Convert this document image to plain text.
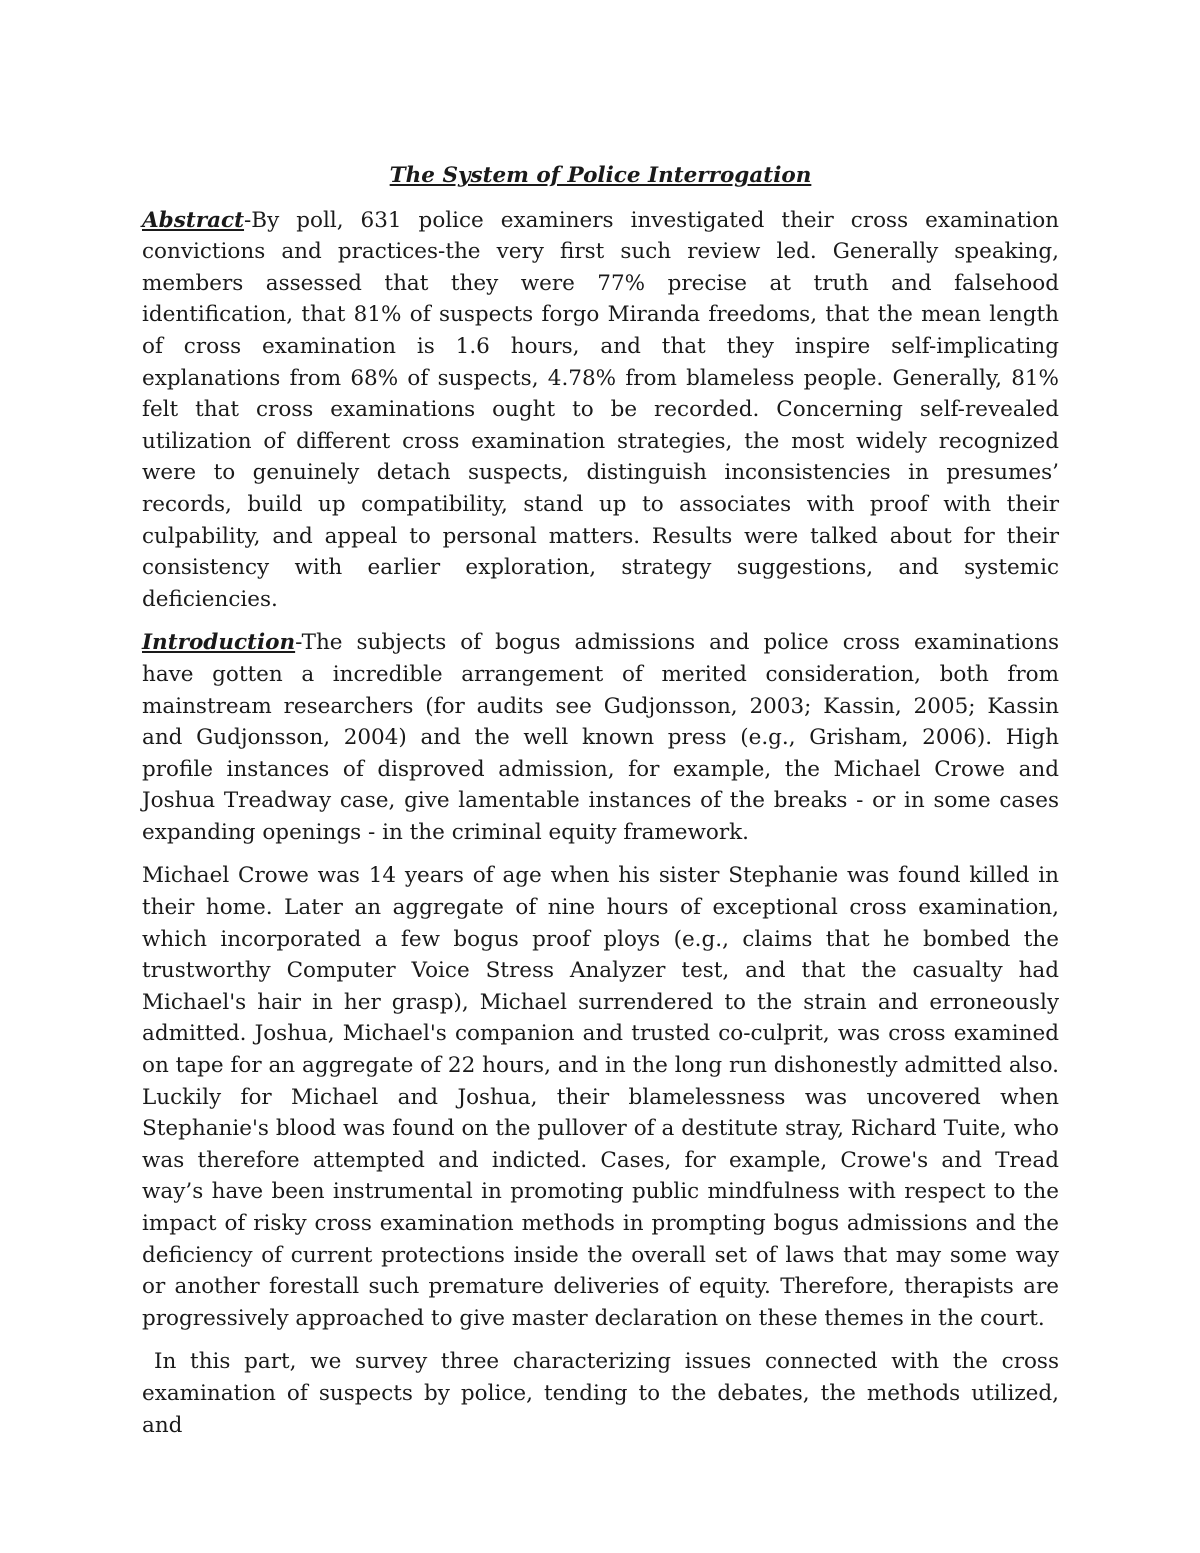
The System of Police Interrogation

Abstract-By poll, 631 police examiners investigated their cross examination convictions and practices-the very first such review led. Generally speaking, members assessed that they were 77% precise at truth and falsehood identification, that 81% of suspects forgo Miranda freedoms, that the mean length of cross examination is 1.6 hours, and that they inspire self-implicating explanations from 68% of suspects, 4.78% from blameless people. Generally, 81% felt that cross examinations ought to be recorded. Concerning self-revealed utilization of different cross examination strategies, the most widely recognized were to genuinely detach suspects, distinguish inconsistencies in presumes’ records, build up compatibility, stand up to associates with proof with their culpability, and appeal to personal matters. Results were talked about for their consistency with earlier exploration, strategy suggestions, and systemic deficiencies.

Introduction-The subjects of bogus admissions and police cross examinations have gotten a incredible arrangement of merited consideration, both from mainstream researchers (for audits see Gudjonsson, 2003; Kassin, 2005; Kassin and Gudjonsson, 2004) and the well known press (e.g., Grisham, 2006). High profile instances of disproved admission, for example, the Michael Crowe and Joshua Treadway case, give lamentable instances of the breaks - or in some cases expanding openings - in the criminal equity framework.

Michael Crowe was 14 years of age when his sister Stephanie was found killed in their home. Later an aggregate of nine hours of exceptional cross examination, which incorporated a few bogus proof ploys (e.g., claims that he bombed the trustworthy Computer Voice Stress Analyzer test, and that the casualty had Michael's hair in her grasp), Michael surrendered to the strain and erroneously admitted. Joshua, Michael's companion and trusted co-culprit, was cross examined on tape for an aggregate of 22 hours, and in the long run dishonestly admitted also. Luckily for Michael and Joshua, their blamelessness was uncovered when Stephanie's blood was found on the pullover of a destitute stray, Richard Tuite, who was therefore attempted and indicted. Cases, for example, Crowe's and Tread way’s have been instrumental in promoting public mindfulness with respect to the impact of risky cross examination methods in prompting bogus admissions and the deficiency of current protections inside the overall set of laws that may some way or another forestall such premature deliveries of equity. Therefore, therapists are progressively approached to give master declaration on these themes in the court.

In this part, we survey three characterizing issues connected with the cross examination of suspects by police, tending to the debates, the methods utilized, and
